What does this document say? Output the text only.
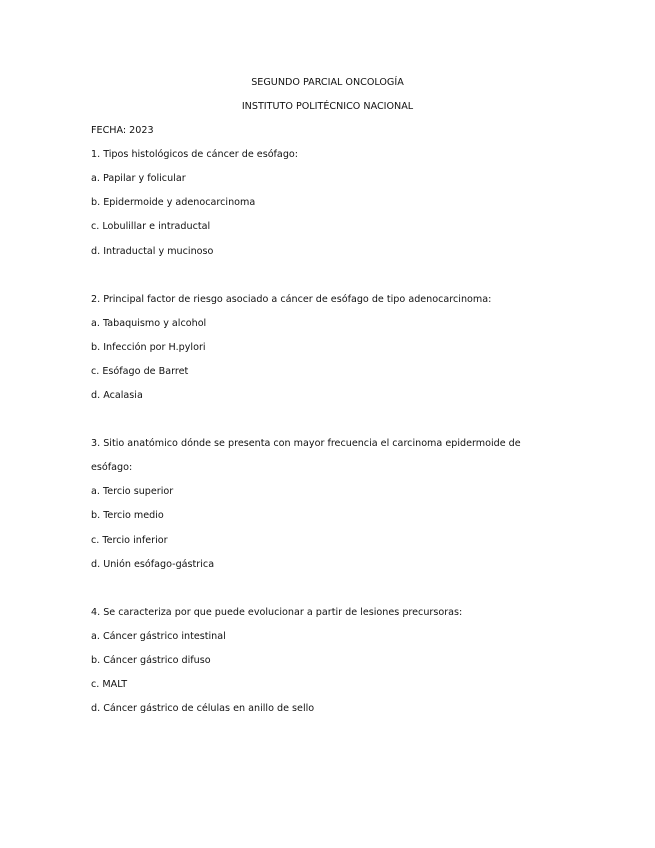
SEGUNDO PARCIAL ONCOLOGÍA
INSTITUTO POLITÉCNICO NACIONAL
FECHA: 2023
1. Tipos histológicos de cáncer de esófago:
a. Papilar y folicular
b. Epidermoide y adenocarcinoma
c. Lobulillar e intraductal
d. Intraductal y mucinoso
2. Principal factor de riesgo asociado a cáncer de esófago de tipo adenocarcinoma:
a. Tabaquismo y alcohol
b. Infección por H.pylori
c. Esófago de Barret
d. Acalasia
3. Sitio anatómico dónde se presenta con mayor frecuencia el carcinoma epidermoide de
esófago:
a. Tercio superior
b. Tercio medio
c. Tercio inferior
d. Unión esófago-gástrica
4. Se caracteriza por que puede evolucionar a partir de lesiones precursoras:
a. Cáncer gástrico intestinal
b. Cáncer gástrico difuso
c. MALT
d. Cáncer gástrico de células en anillo de sello
